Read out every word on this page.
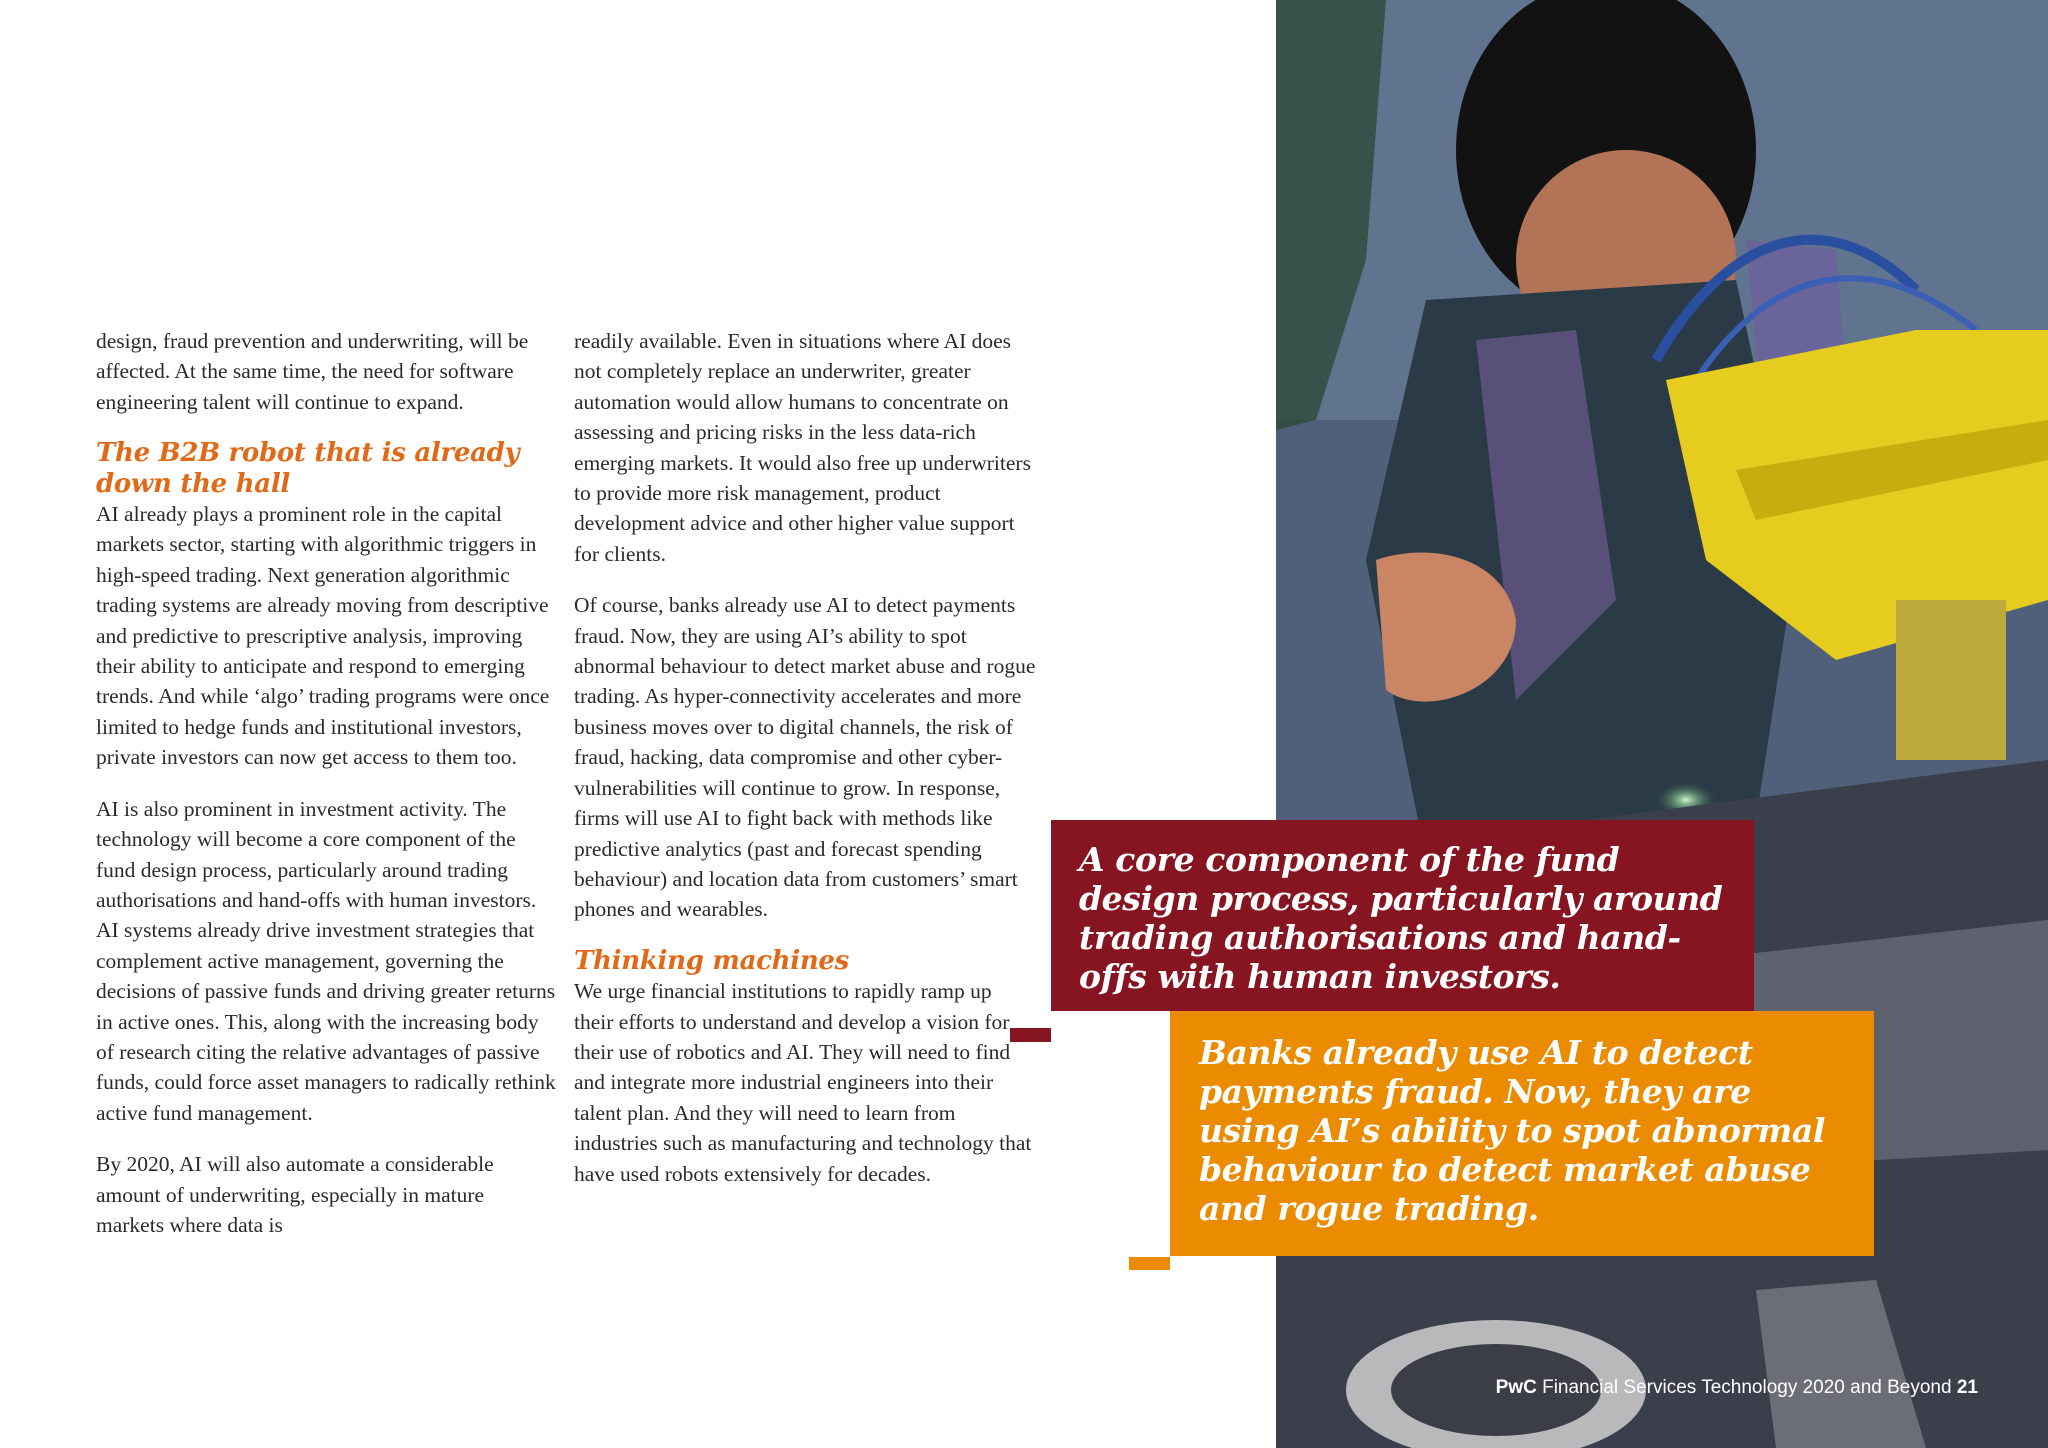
design, fraud prevention and underwriting, will be affected. At the same time, the need for software engineering talent will continue to expand.

The B2B robot that is already down the hall

AI already plays a prominent role in the capital markets sector, starting with algorithmic triggers in high-speed trading. Next generation algorithmic trading systems are already moving from descriptive and predictive to prescriptive analysis, improving their ability to anticipate and respond to emerging trends. And while ‘algo’ trading programs were once limited to hedge funds and institutional investors, private investors can now get access to them too.

AI is also prominent in investment activity. The technology will become a core component of the fund design process, particularly around trading authorisations and hand-offs with human investors. AI systems already drive investment strategies that complement active management, governing the decisions of passive funds and driving greater returns in active ones. This, along with the increasing body of research citing the relative advantages of passive funds, could force asset managers to radically rethink active fund management.

By 2020, AI will also automate a considerable amount of underwriting, especially in mature markets where data is

readily available. Even in situations where AI does not completely replace an underwriter, greater automation would allow humans to concentrate on assessing and pricing risks in the less data-rich emerging markets. It would also free up underwriters to provide more risk management, product development advice and other higher value support for clients.

Of course, banks already use AI to detect payments fraud. Now, they are using AI’s ability to spot abnormal behaviour to detect market abuse and rogue trading. As hyper-connectivity accelerates and more business moves over to digital channels, the risk of fraud, hacking, data compromise and other cyber-vulnerabilities will continue to grow. In response, firms will use AI to fight back with methods like predictive analytics (past and forecast spending behaviour) and location data from customers’ smart phones and wearables.

Thinking machines

We urge financial institutions to rapidly ramp up their efforts to understand and develop a vision for their use of robotics and AI. They will need to find and integrate more industrial engineers into their talent plan. And they will need to learn from industries such as manufacturing and technology that have used robots extensively for decades.

A core component of the fund design process, particularly around trading authorisations and hand-offs with human investors.
Banks already use AI to detect payments fraud. Now, they are using AI’s ability to spot abnormal behaviour to detect market abuse and rogue trading.
PwC Financial Services Technology 2020 and Beyond 21
